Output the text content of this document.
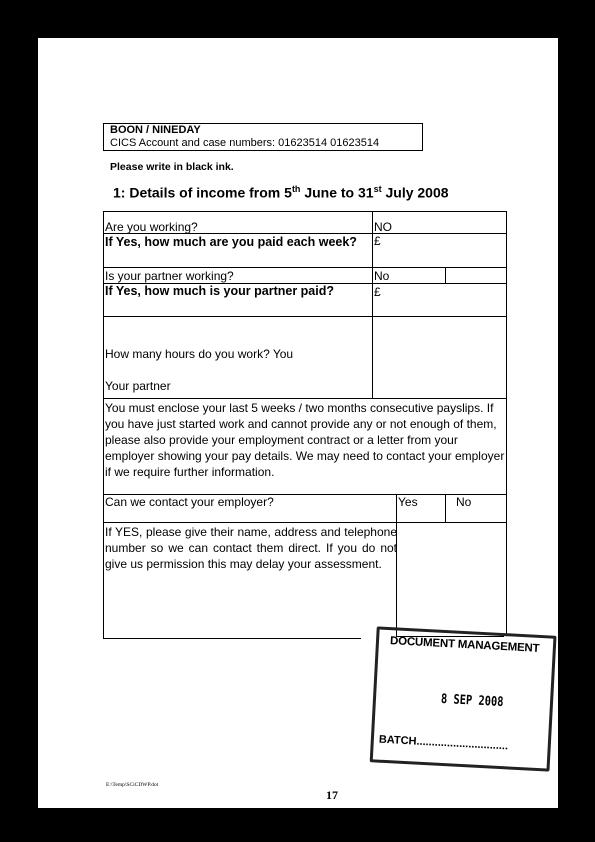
BOON / NINEDAY
CICS Account and case numbers: 01623514 01623514
Please write in black ink.
1: Details of income from 5th June to 31st July 2008
Are you working?	NO
If Yes, how much are you paid each week?	£
Is your partner working?	No
If Yes, how much is your partner paid?	£
How many hours do you work? You
Your partner
You must enclose your last 5 weeks / two months consecutive payslips. If you have just started work and cannot provide any or not enough of them, please also provide your employment contract or a letter from your employer showing your pay details. We may need to contact your employer if we require further information.
Can we contact your employer?	Yes	No
If YES, please give their name, address and telephone number so we can contact them direct. If you do not give us permission this may delay your assessment.
DOCUMENT MANAGEMENT
8 SEP 2008
BATCH..............................
E:\Temp\SCiCDWP.dot
17
